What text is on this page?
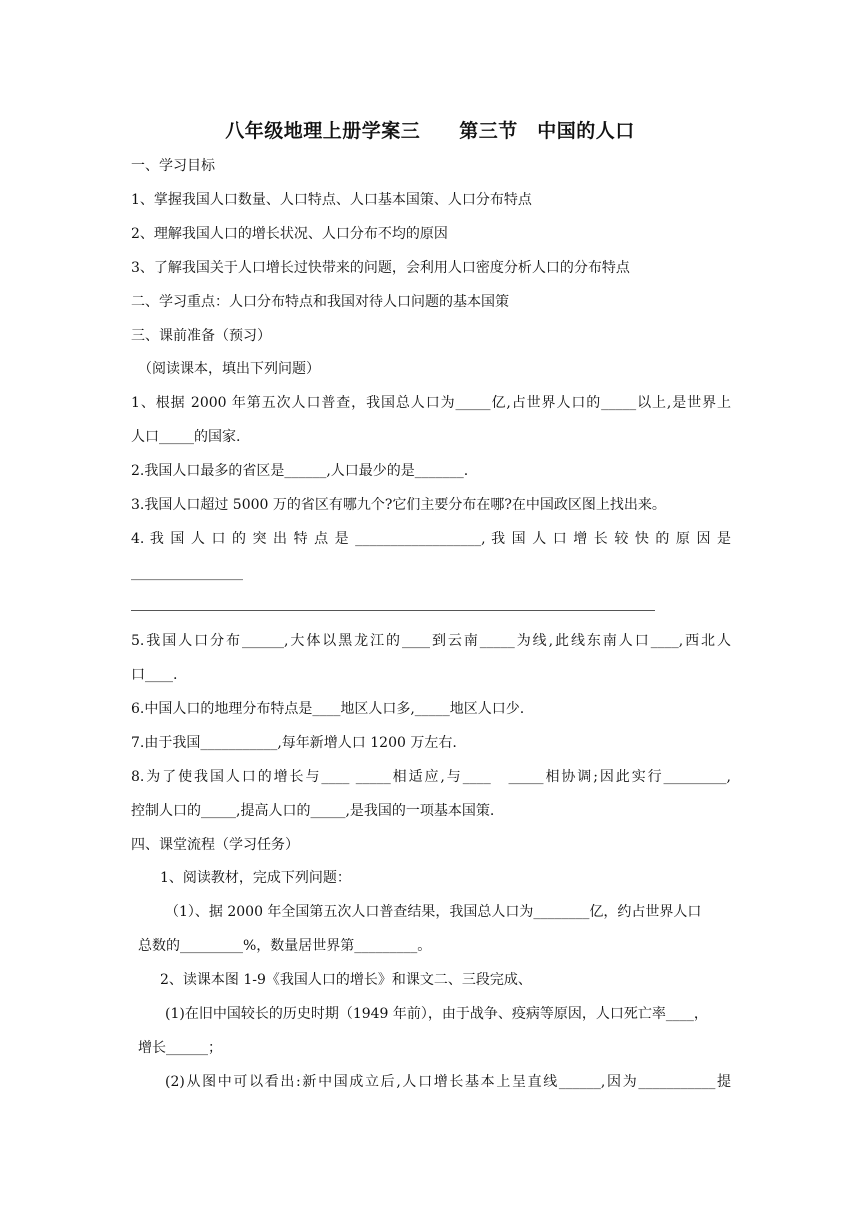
八年级地理上册学案三　　第三节　中国的人口
一、学习目标
1、掌握我国人口数量、人口特点、人口基本国策、人口分布特点
2、理解我国人口的增长状况、人口分布不均的原因
3、了解我国关于人口增长过快带来的问题，会利用人口密度分析人口的分布特点
二、学习重点：人口分布特点和我国对待人口问题的基本国策
三、课前准备（预习）
（阅读课本，填出下列问题）
1、根据 2000 年第五次人口普查，我国总人口为_____亿,占世界人口的_____以上,是世界上
人口_____的国家.
2.我国人口最多的省区是______,人口最少的是_______.
3.我国人口超过 5000 万的省区有哪九个?它们主要分布在哪?在中国政区图上找出来。
4. 我 国 人 口 的 突 出 特 点 是 __________________, 我 国 人 口 增 长 较 快 的 原 因 是
________________
5.我国人口分布______,大体以黑龙江的____到云南_____为线,此线东南人口____,西北人
口____.
6.中国人口的地理分布特点是____地区人口多,_____地区人口少.
7.由于我国___________,每年新增人口 1200 万左右.
8.为了使我国人口的增长与____ _____相适应,与____　_____相协调;因此实行_________,
控制人口的_____,提高人口的_____,是我国的一项基本国策.
四、课堂流程（学习任务）
1、阅读教材，完成下列问题：
（1）、据 2000 年全国第五次人口普查结果，我国总人口为________亿，约占世界人口
总数的_________%，数量居世界第_________。
2、读课本图 1-9《我国人口的增长》和课文二、三段完成、
(1)在旧中国较长的历史时期（1949 年前），由于战争、疫病等原因，人口死亡率____，
增长______；
(2)从图中可以看出:新中国成立后,人口增长基本上呈直线______,因为___________提
